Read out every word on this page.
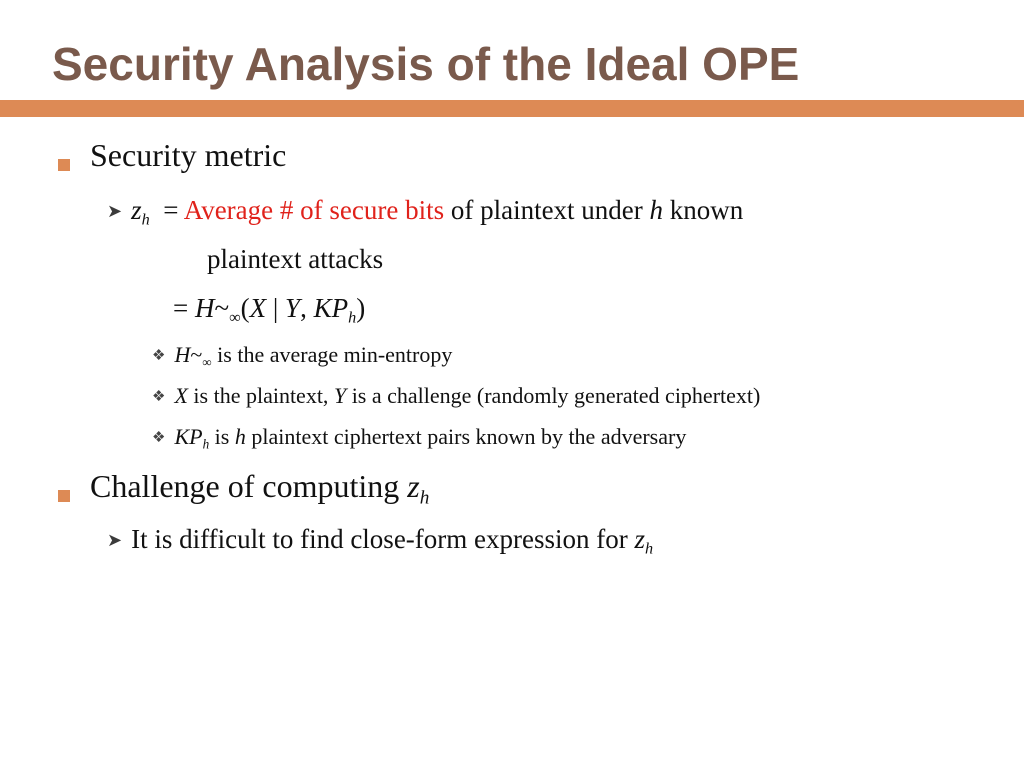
Security Analysis of the Ideal OPE
Security metric
➤ $z_h$ = Average # of secure bits of plaintext under h known
plaintext attacks
= $H\sim_\infty(X$ | Y, $KP_h$)
❖ $H\sim_\infty$ is the average min-entropy
❖ X is the plaintext, Y is a challenge (randomly generated ciphertext)
❖ $KP_h$ is h plaintext ciphertext pairs known by the adversary
Challenge of computing $z_h$
➤ It is difficult to find close-form expression for $z_h$
